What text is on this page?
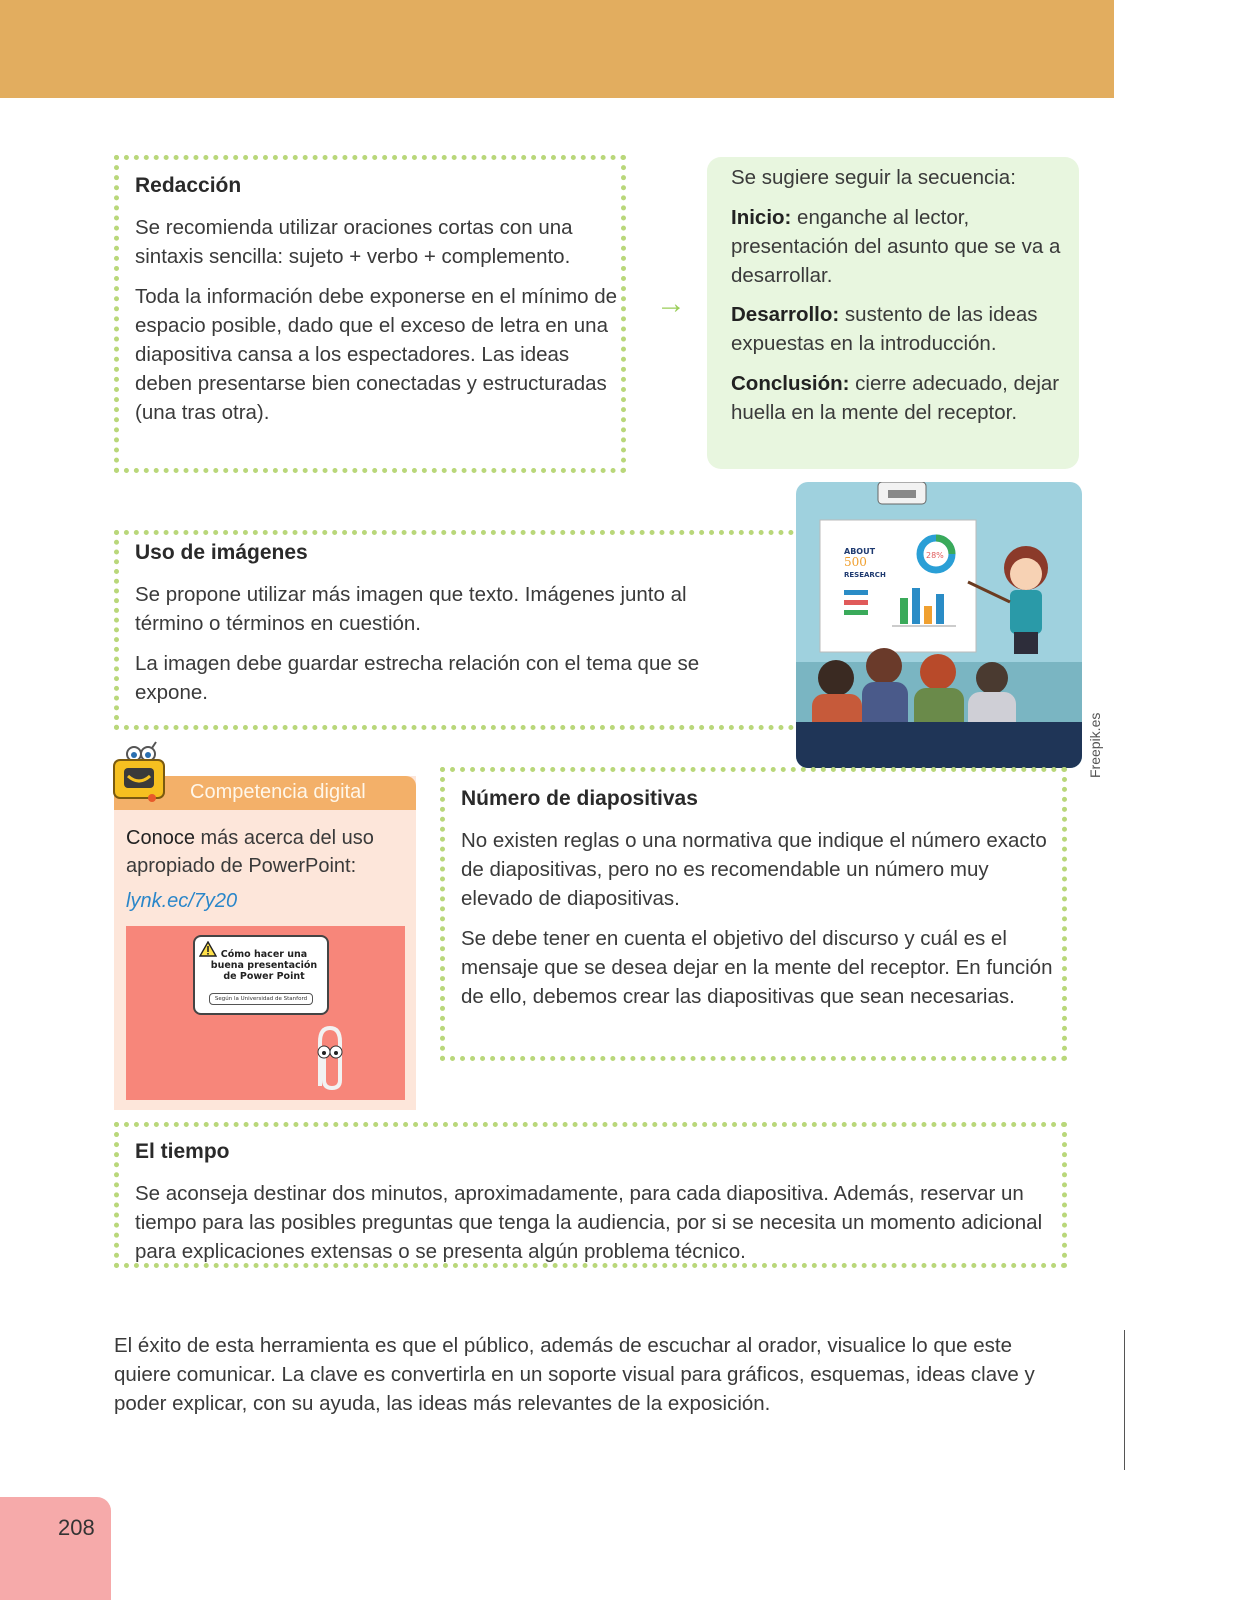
Redacción

Se recomienda utilizar oraciones cortas con una sintaxis sencilla: sujeto + verbo + complemento.

Toda la información debe exponerse en el mínimo de espacio posible, dado que el exceso de letra en una diapositiva cansa a los espectadores. Las ideas deben presentarse bien conectadas y estructuradas (una tras otra).

→
Se sugiere seguir la secuencia:
Inicio: enganche al lector, presentación del asunto que se va a desarrollar.
Desarrollo: sustento de las ideas expuestas en la introducción.
Conclusión: cierre adecuado, dejar huella en la mente del receptor.
Uso de imágenes

Se propone utilizar más imagen que texto. Imágenes junto al término o términos en cuestión.

La imagen debe guardar estrecha relación con el tema que se expone.

ABOUT
500
RESEARCH
28%
Freepik.es
Competencia digital
Conoce más acerca del uso apropiado de PowerPoint:
lynk.ec/7y20
Cómo hacer una buena presentación de Power Point
Según la Universidad de Stanford
Número de diapositivas

No existen reglas o una normativa que indique el número exacto de diapositivas, pero no es recomendable un número muy elevado de diapositivas.

Se debe tener en cuenta el objetivo del discurso y cuál es el mensaje que se desea dejar en la mente del receptor. En función de ello, debemos crear las diapositivas que sean necesarias.

El tiempo

Se aconseja destinar dos minutos, aproximadamente, para cada diapositiva. Además, reservar un tiempo para las posibles preguntas que tenga la audiencia, por si se necesita un momento adicional para explicaciones extensas o se presenta algún problema técnico.

El éxito de esta herramienta es que el público, además de escuchar al orador, visualice lo que este quiere comunicar. La clave es convertirla en un soporte visual para gráficos, esquemas, ideas clave y poder explicar, con su ayuda, las ideas más relevantes de la exposición.
208
